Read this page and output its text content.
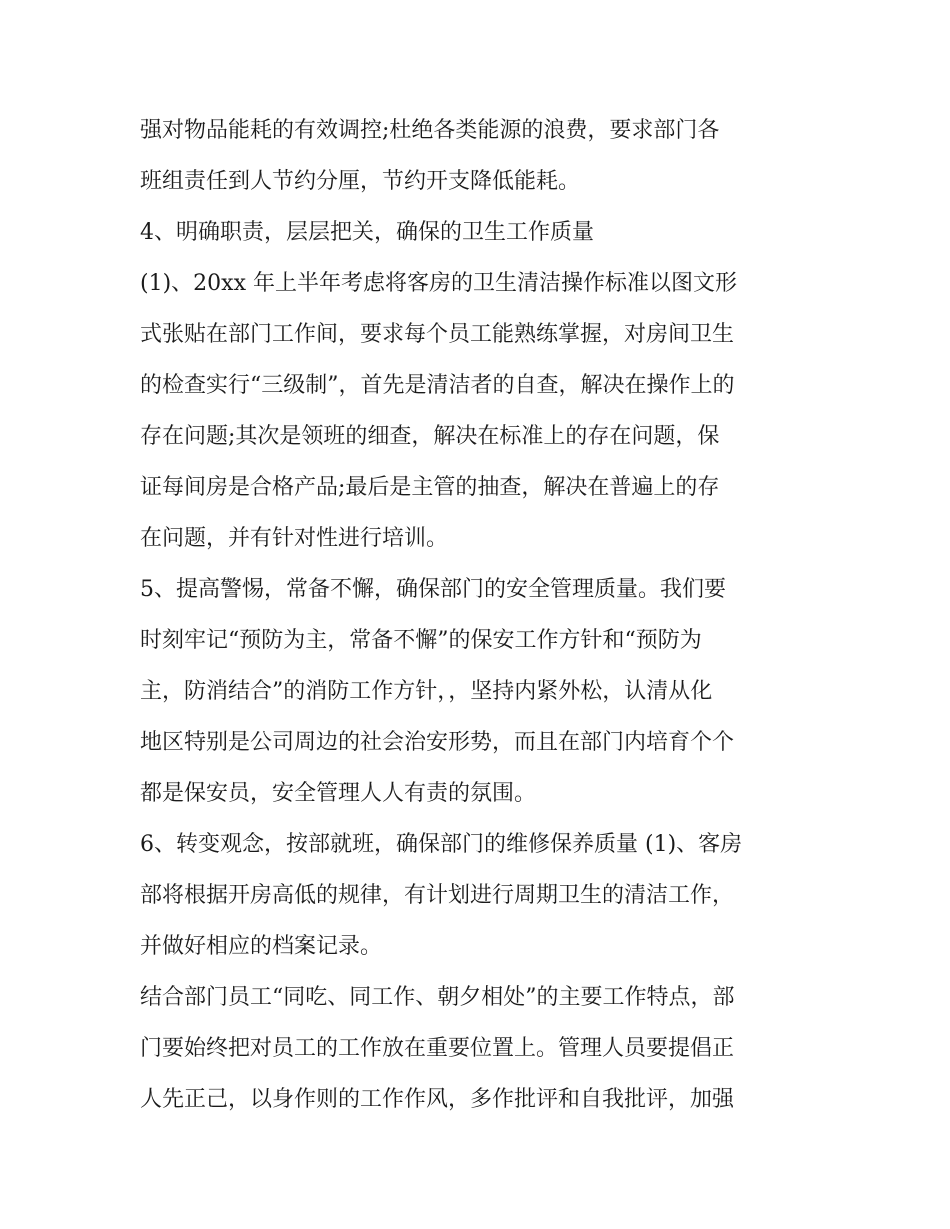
强对物品能耗的有效调控;杜绝各类能源的浪费，要求部门各
班组责任到人节约分厘，节约开支降低能耗。
4、明确职责，层层把关，确保的卫生工作质量
(1)、20xx 年上半年考虑将客房的卫生清洁操作标准以图文形
式张贴在部门工作间，要求每个员工能熟练掌握，对房间卫生
的检查实行“三级制”，首先是清洁者的自查，解决在操作上的
存在问题;其次是领班的细查，解决在标准上的存在问题，保
证每间房是合格产品;最后是主管的抽查，解决在普遍上的存
在问题，并有针对性进行培训。
5、提高警惕，常备不懈，确保部门的安全管理质量。我们要
时刻牢记“预防为主，常备不懈”的保安工作方针和“预防为
主，防消结合”的消防工作方针，，坚持内紧外松，认清从化
地区特别是公司周边的社会治安形势，而且在部门内培育个个
都是保安员，安全管理人人有责的氛围。
6、转变观念，按部就班，确保部门的维修保养质量 (1)、客房
部将根据开房高低的规律，有计划进行周期卫生的清洁工作，
并做好相应的档案记录。
结合部门员工“同吃、同工作、朝夕相处”的主要工作特点，部
门要始终把对员工的工作放在重要位置上。管理人员要提倡正
人先正己，以身作则的工作作风，多作批评和自我批评，加强
